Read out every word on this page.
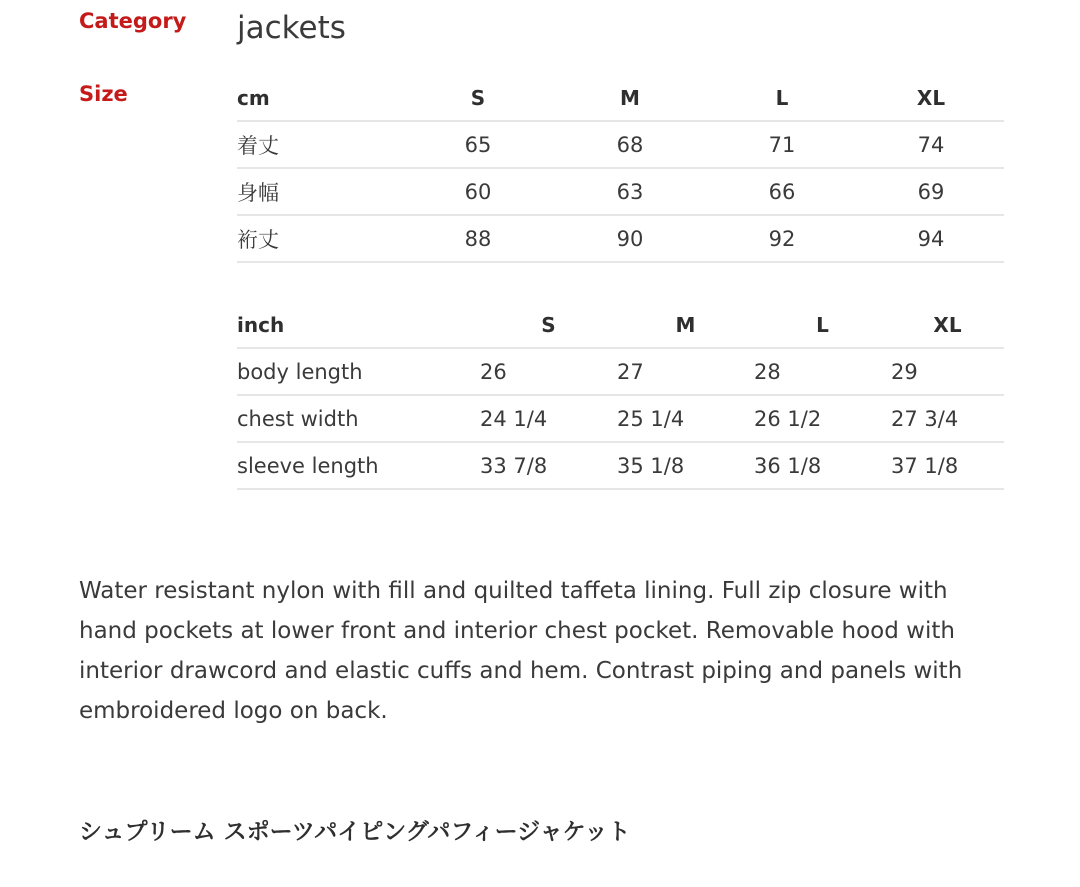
Category jackets
Size	cm	S	M	L	XL
着丈	65	68	71	74
身幅	60	63	66	69
裄丈	88	90	92	94
inch	S	M	L	XL
body length	26	27	28	29
chest width	24 1/4	25 1/4	26 1/2	27 3/4
sleeve length	33 7/8	35 1/8	36 1/8	37 1/8

Water resistant nylon with fill and quilted taffeta lining. Full zip closure with hand pockets at lower front and interior chest pocket. Removable hood with interior drawcord and elastic cuffs and hem. Contrast piping and panels with embroidered logo on back.

シュプリーム スポーツパイピングパフィージャケット
